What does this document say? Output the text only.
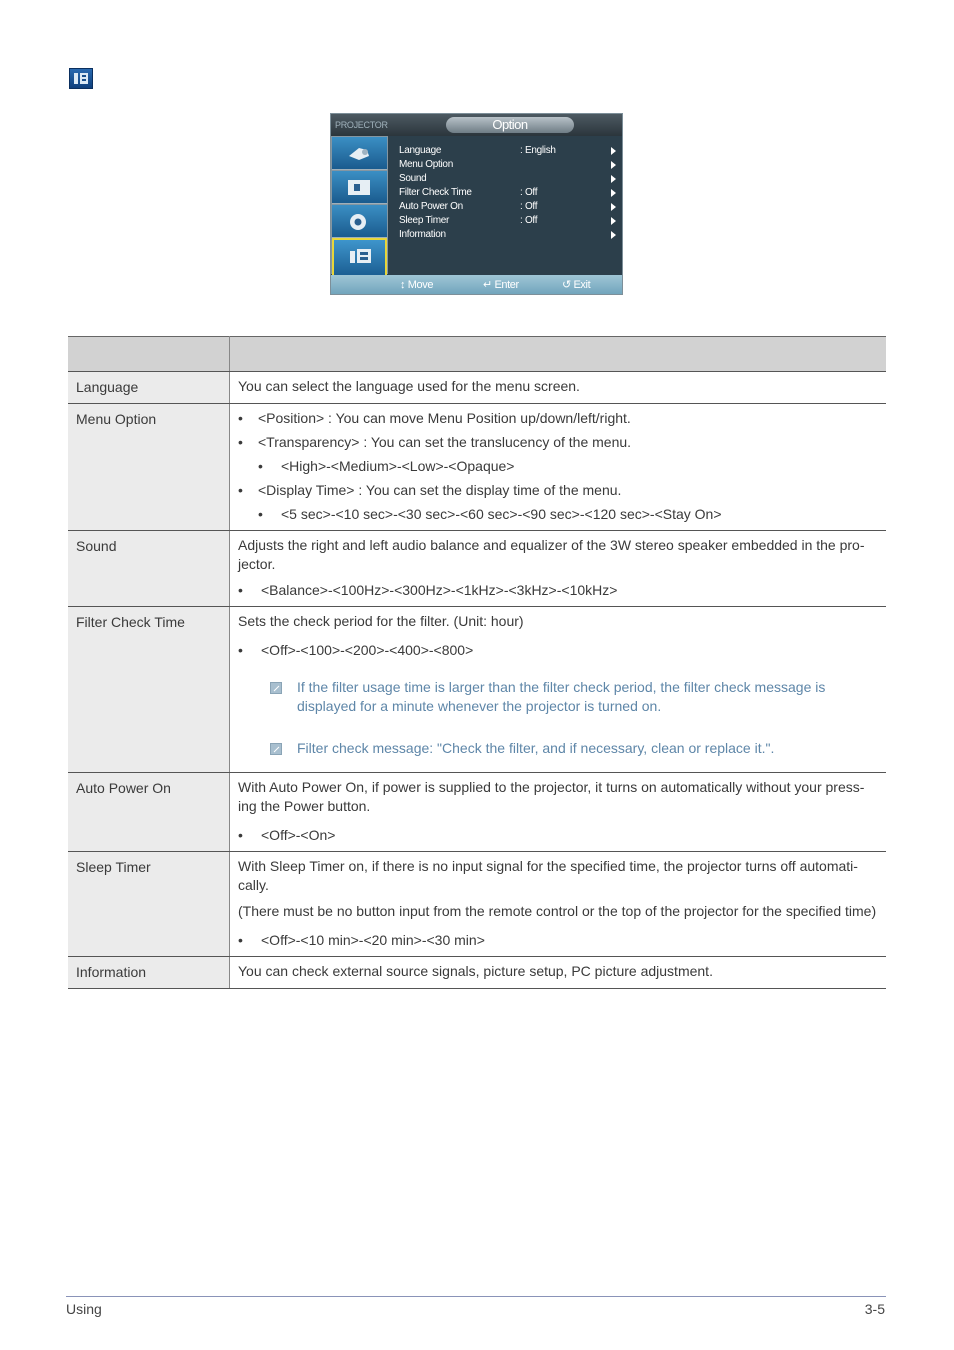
PROJECTOR	Option
Language	: English
Menu Option
Sound
Filter Check Time	: Off
Auto Power On	: Off
Sleep Timer	: Off
Information
↕ Move	↵ Enter	↺ Exit

Language	You can select the language used for the menu screen.

Menu Option	• <Position> : You can move Menu Position up/down/left/right.
• <Transparency> : You can set the translucency of the menu.
• <High>-<Medium>-<Low>-<Opaque>
• <Display Time> : You can set the display time of the menu.
• <5 sec>-<10 sec>-<30 sec>-<60 sec>-<90 sec>-<120 sec>-<Stay On>

Sound	Adjusts the right and left audio balance and equalizer of the 3W stereo speaker embedded in the pro-jector.
• <Balance>-<100Hz>-<300Hz>-<1kHz>-<3kHz>-<10kHz>

Filter Check Time	Sets the check period for the filter. (Unit: hour)
• <Off>-<100>-<200>-<400>-<800>
If the filter usage time is larger than the filter check period, the filter check message is displayed for a minute whenever the projector is turned on.
Filter check message: "Check the filter, and if necessary, clean or replace it.".

Auto Power On	With Auto Power On, if power is supplied to the projector, it turns on automatically without your press-ing the Power button.
• <Off>-<On>

Sleep Timer	With Sleep Timer on, if there is no input signal for the specified time, the projector turns off automati-cally.
(There must be no button input from the remote control or the top of the projector for the specified time)
• <Off>-<10 min>-<20 min>-<30 min>

Information	You can check external source signals, picture setup, PC picture adjustment.
Using	3-5
